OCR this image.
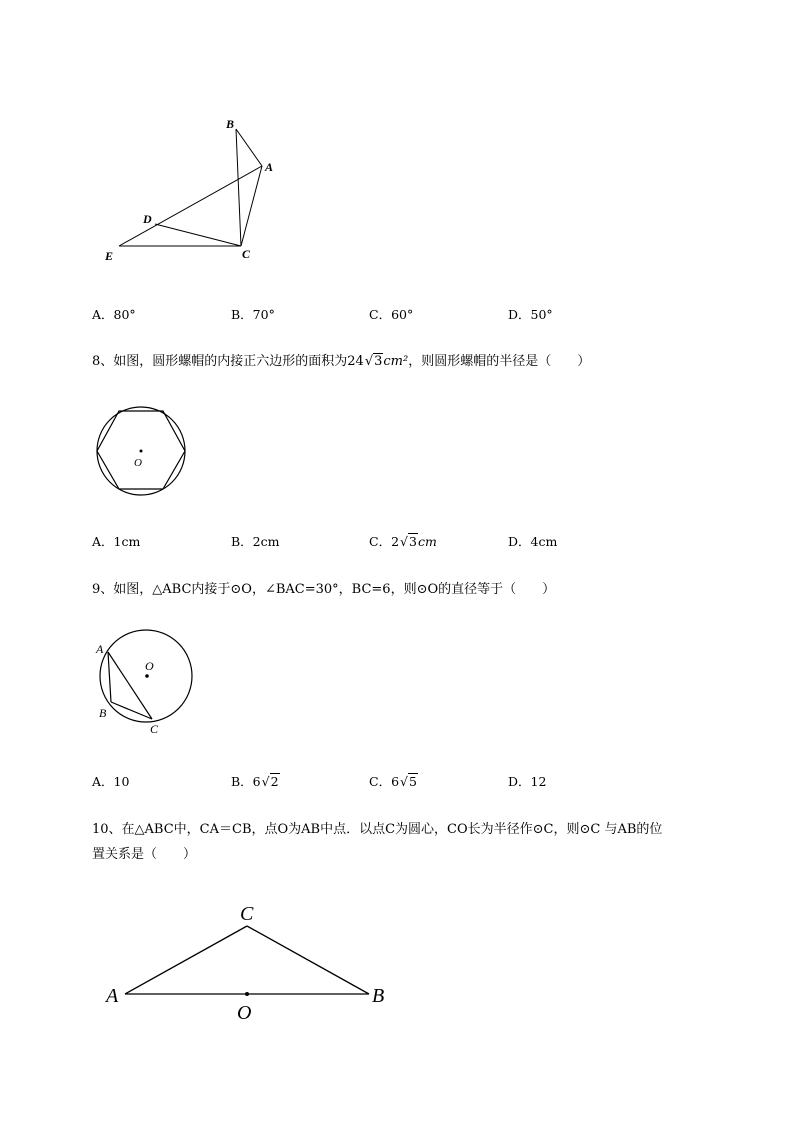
B
A
D
E	C
A．80°	B．70°	C．60°	D．50°
8、如图，圆形螺帽的内接正六边形的面积为24√3cm²，则圆形螺帽的半径是（　　）
O
A．1cm	B．2cm	C．2√3cm	D．4cm
9、如图，△ABC内接于⊙O，∠BAC=30°，BC=6，则⊙O的直径等于（　　）
A
O
B
C
A．10	B．6√2	C．6√5	D．12
10、在△ABC中，CA＝CB，点O为AB中点．以点C为圆心，CO长为半径作⊙C，则⊙C 与AB的位
置关系是（　　）
C
A	B
O
